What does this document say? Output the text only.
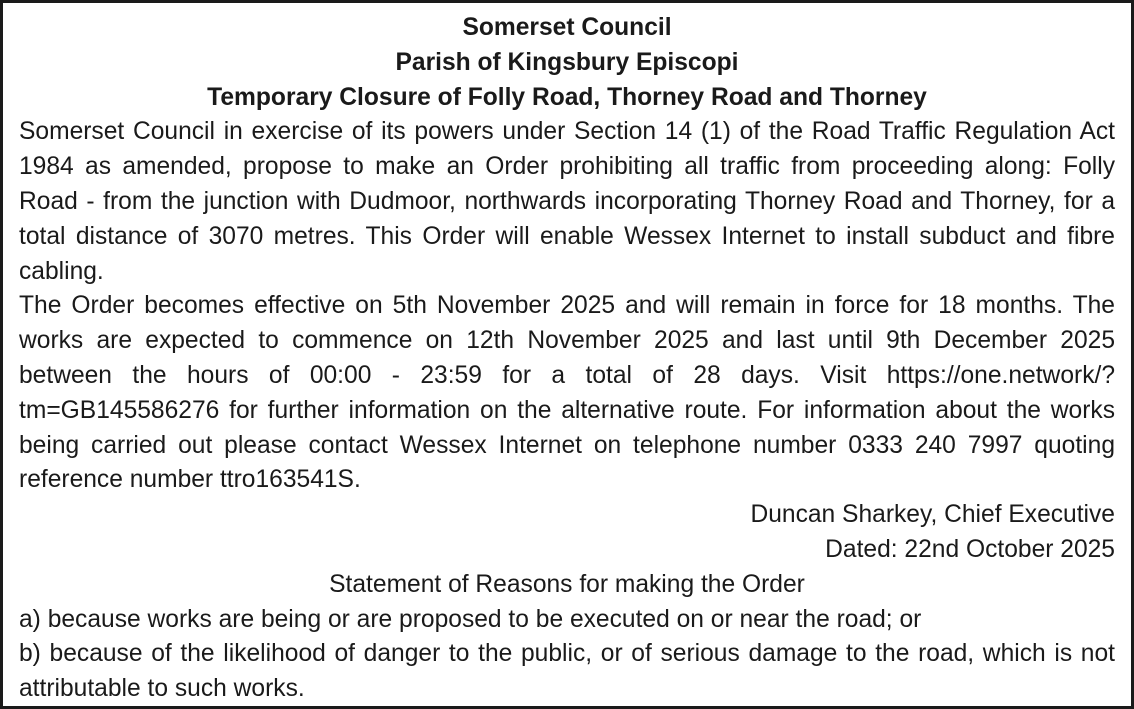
Somerset Council

Parish of Kingsbury Episcopi

Temporary Closure of Folly Road, Thorney Road and Thorney

Somerset Council in exercise of its powers under Section 14 (1) of the Road Traffic Regulation Act 1984 as amended, propose to make an Order prohibiting all traffic from proceeding along: Folly Road - from the junction with Dudmoor, northwards incorporating Thorney Road and Thorney, for a total distance of 3070 metres. This Order will enable Wessex Internet to install subduct and fibre cabling.

The Order becomes effective on 5th November 2025 and will remain in force for 18 months. The works are expected to commence on 12th November 2025 and last until 9th December 2025 between the hours of 00:00 - 23:59 for a total of 28 days. Visit https://one.network/?tm=GB145586276 for further information on the alternative route. For information about the works being carried out please contact Wessex Internet on telephone number 0333 240 7997 quoting reference number ttro163541S.

Duncan Sharkey, Chief Executive

Dated: 22nd October 2025

Statement of Reasons for making the Order

a) because works are being or are proposed to be executed on or near the road; or

b) because of the likelihood of danger to the public, or of serious damage to the road, which is not attributable to such works.
